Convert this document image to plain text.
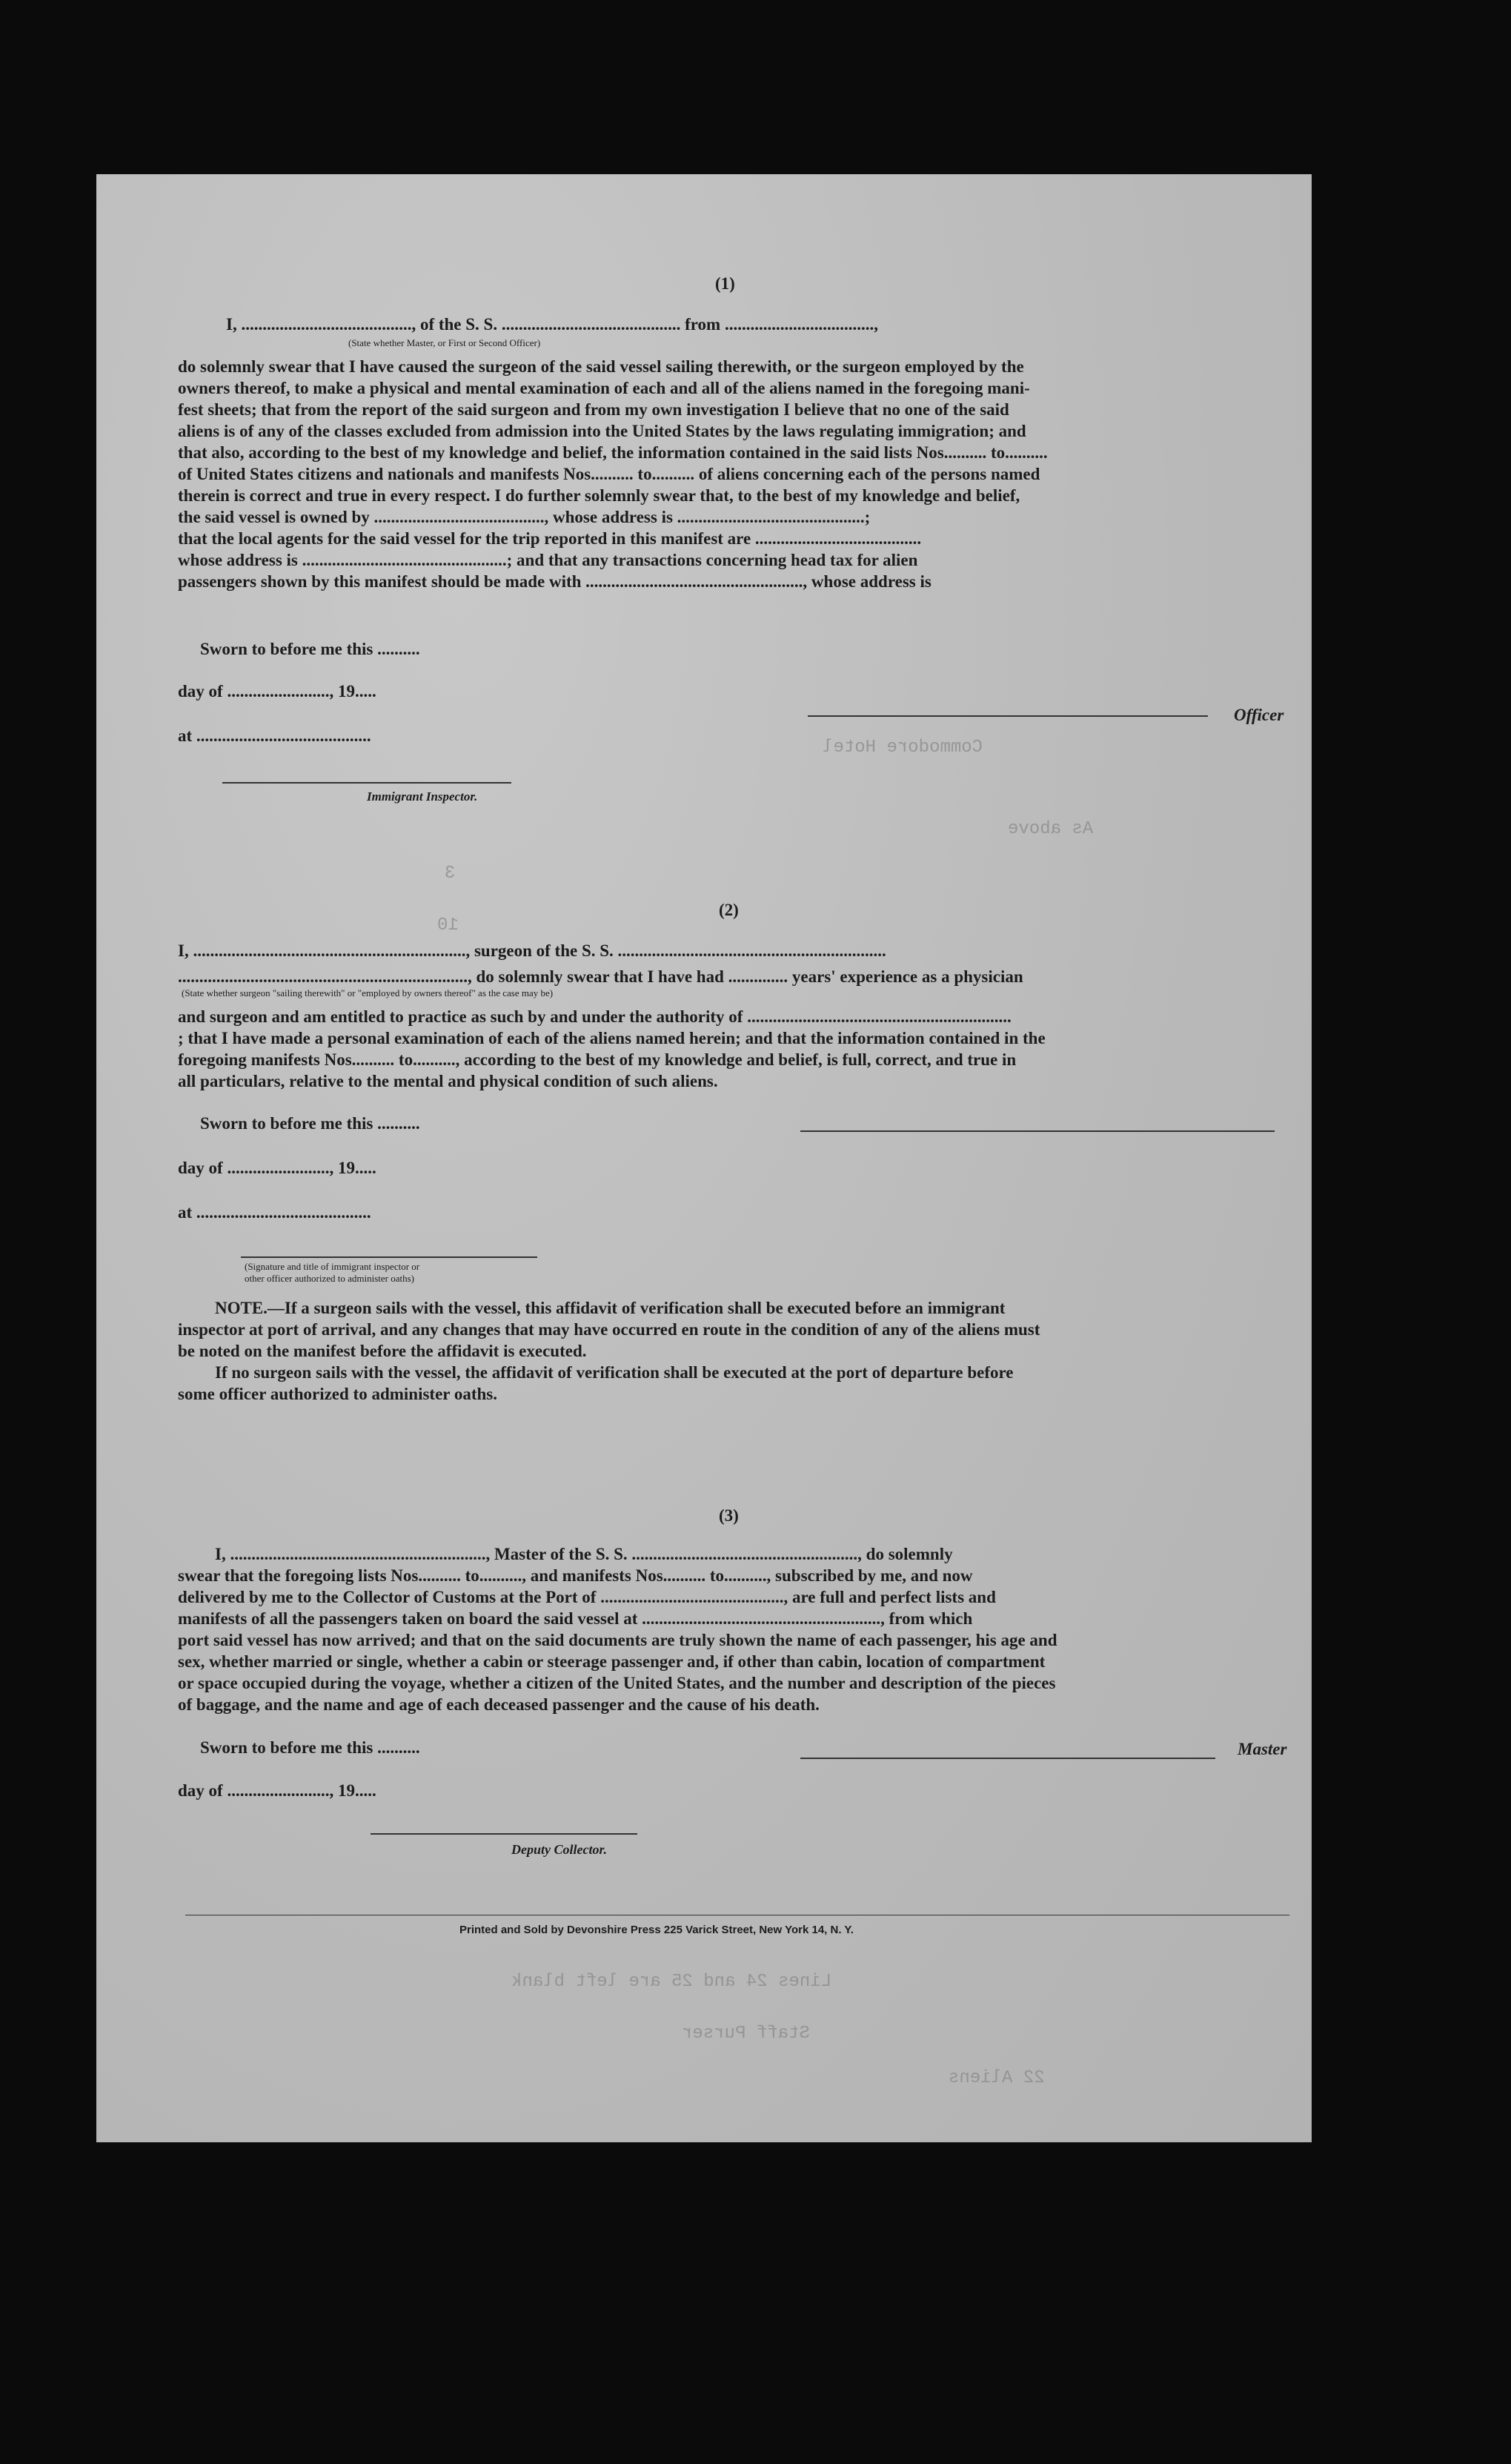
Commodore Hotel
As above
3
10
Lines 24 and 25 are left blank
Staff Purser
22 Aliens
(1)
I, ........................................, of the S. S. .......................................... from ...................................,
(State whether Master, or First or Second Officer)
do solemnly swear that I have caused the surgeon of the said vessel sailing therewith, or the surgeon employed by the
owners thereof, to make a physical and mental examination of each and all of the aliens named in the foregoing mani-
fest sheets; that from the report of the said surgeon and from my own investigation I believe that no one of the said
aliens is of any of the classes excluded from admission into the United States by the laws regulating immigration; and
that also, according to the best of my knowledge and belief, the information contained in the said lists Nos.......... to..........
of United States citizens and nationals and manifests Nos.......... to.......... of aliens concerning each of the persons named
therein is correct and true in every respect. I do further solemnly swear that, to the best of my knowledge and belief,
the said vessel is owned by ........................................, whose address is ............................................;
that the local agents for the said vessel for the trip reported in this manifest are .......................................
whose address is ................................................; and that any transactions concerning head tax for alien
passengers shown by this manifest should be made with ..................................................., whose address is
Sworn to before me this ..........
day of ........................, 19.....
at .........................................
Officer
Immigrant Inspector.
(2)
I, ................................................................, surgeon of the S. S. ...............................................................
...................................................................., do solemnly swear that I have had .............. years' experience as a physician
(State whether surgeon "sailing therewith" or "employed by owners thereof" as the case may be)
and surgeon and am entitled to practice as such by and under the authority of ..............................................................
; that I have made a personal examination of each of the aliens named herein; and that the information contained in the
foregoing manifests Nos.......... to.........., according to the best of my knowledge and belief, is full, correct, and true in
all particulars, relative to the mental and physical condition of such aliens.
Sworn to before me this ..........
day of ........................, 19.....
at .........................................
(Signature and title of immigrant inspector or
other officer authorized to administer oaths)
NOTE.—If a surgeon sails with the vessel, this affidavit of verification shall be executed before an immigrant
inspector at port of arrival, and any changes that may have occurred en route in the condition of any of the aliens must
be noted on the manifest before the affidavit is executed.
If no surgeon sails with the vessel, the affidavit of verification shall be executed at the port of departure before
some officer authorized to administer oaths.
(3)
I, ............................................................, Master of the S. S. ....................................................., do solemnly
swear that the foregoing lists Nos.......... to.........., and manifests Nos.......... to.........., subscribed by me, and now
delivered by me to the Collector of Customs at the Port of ..........................................., are full and perfect lists and
manifests of all the passengers taken on board the said vessel at ........................................................, from which
port said vessel has now arrived; and that on the said documents are truly shown the name of each passenger, his age and
sex, whether married or single, whether a cabin or steerage passenger and, if other than cabin, location of compartment
or space occupied during the voyage, whether a citizen of the United States, and the number and description of the pieces
of baggage, and the name and age of each deceased passenger and the cause of his death.
Sworn to before me this ..........
day of ........................, 19.....
Master
Deputy Collector.
Printed and Sold by Devonshire Press 225 Varick Street, New York 14, N. Y.
